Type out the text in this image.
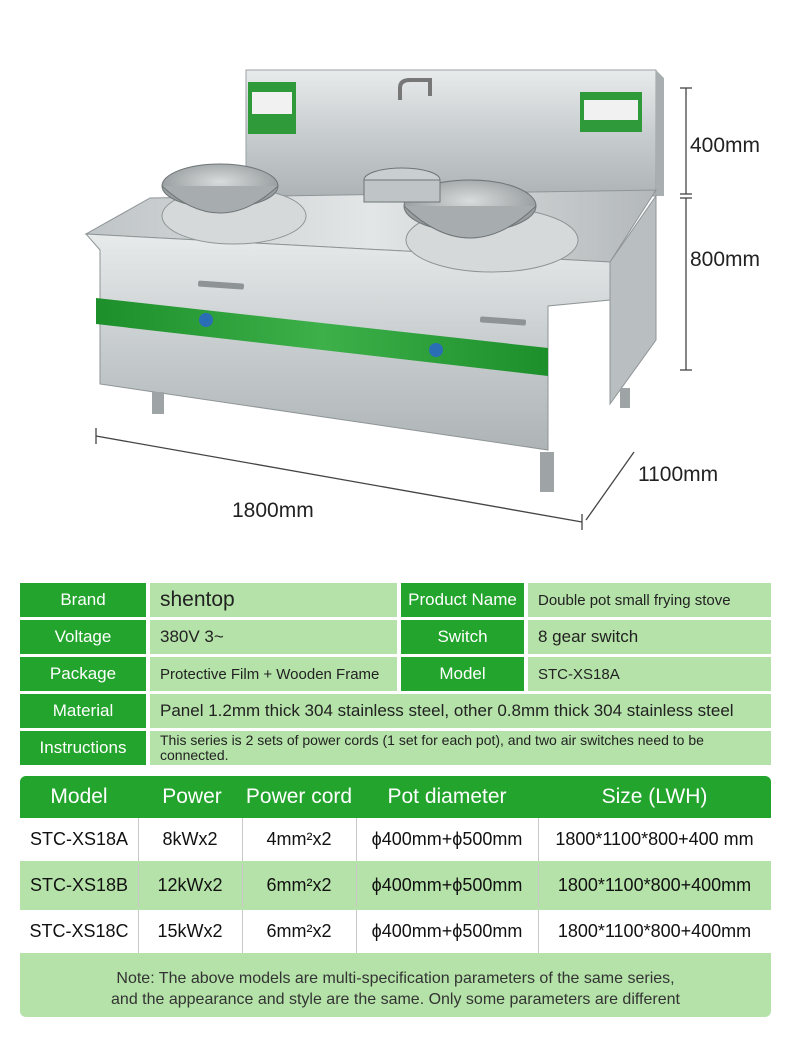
400mm
800mm
1100mm
1800mm
Brand	shentop	Product Name	Double pot small frying stove
Voltage	380V 3~	Switch	8 gear switch
Package	Protective Film + Wooden Frame	Model	STC-XS18A
Material	Panel 1.2mm thick 304 stainless steel, other 0.8mm thick 304 stainless steel
Instructions	This series is 2 sets of power cords (1 set for each pot), and two air switches need to be connected.
Model	Power	Power cord	Pot diameter	Size (LWH)
STC-XS18A	8kWx2	4mm²x2	ϕ400mm+ϕ500mm	1800*1100*800+400 mm
STC-XS18B	12kWx2	6mm²x2	ϕ400mm+ϕ500mm	1800*1100*800+400mm
STC-XS18C	15kWx2	6mm²x2	ϕ400mm+ϕ500mm	1800*1100*800+400mm
Note: The above models are multi-specification parameters of the same series,
and the appearance and style are the same. Only some parameters are different
